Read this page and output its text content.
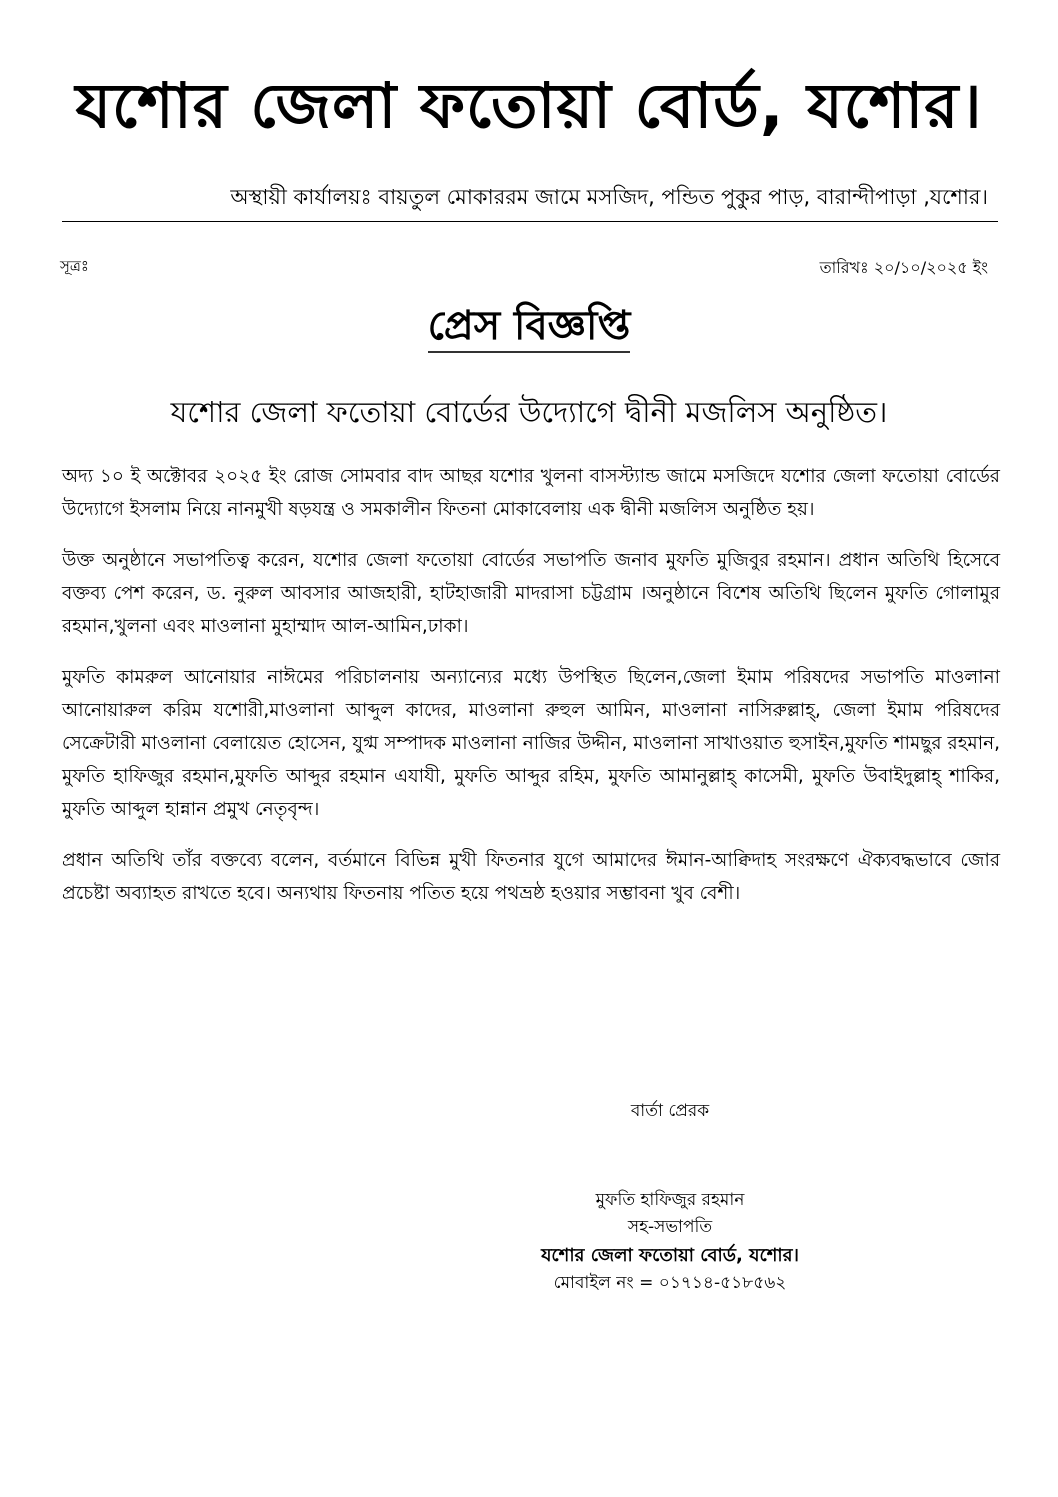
যশোর জেলা ফতোয়া বোর্ড, যশোর।
অস্থায়ী কার্যালয়ঃ বায়তুল মোকাররম জামে মসজিদ, পন্ডিত পুকুর পাড়, বারান্দীপাড়া ,যশোর।
সূত্রঃ	তারিখঃ ২০/১০/২০২৫ ইং
প্রেস বিজ্ঞপ্তি
যশোর জেলা ফতোয়া বোর্ডের উদ্যোগে দ্বীনী মজলিস অনুষ্ঠিত।

অদ্য ১০ ই অক্টোবর ২০২৫ ইং রোজ সোমবার বাদ আছর যশোর খুলনা বাসস্ট্যান্ড জামে মসজিদে যশোর জেলা ফতোয়া বোর্ডের উদ্যোগে ইসলাম নিয়ে নানমুখী ষড়যন্ত্র ও সমকালীন ফিতনা মোকাবেলায় এক দ্বীনী মজলিস অনুষ্ঠিত হয়।

উক্ত অনুষ্ঠানে সভাপতিত্ব করেন, যশোর জেলা ফতোয়া বোর্ডের সভাপতি জনাব মুফতি মুজিবুর রহমান। প্রধান অতিথি হিসেবে বক্তব্য পেশ করেন, ড. নুরুল আবসার আজহারী, হাটহাজারী মাদরাসা চট্টগ্রাম ।অনুষ্ঠানে বিশেষ অতিথি ছিলেন মুফতি গোলামুর রহমান,খুলনা এবং মাওলানা মুহাম্মাদ আল-আমিন,ঢাকা।

মুফতি কামরুল আনোয়ার নাঈমের পরিচালনায় অন্যান্যের মধ্যে উপস্থিত ছিলেন,জেলা ইমাম পরিষদের সভাপতি মাওলানা আনোয়ারুল করিম যশোরী,মাওলানা আব্দুল কাদের, মাওলানা রুহুল আমিন, মাওলানা নাসিরুল্লাহ্, জেলা ইমাম পরিষদের সেক্রেটারী মাওলানা বেলায়েত হোসেন, যুগ্ম সম্পাদক মাওলানা নাজির উদ্দীন, মাওলানা সাখাওয়াত হুসাইন,মুফতি শামছুর রহমান, মুফতি হাফিজুর রহমান,মুফতি আব্দুর রহমান এযাযী, মুফতি আব্দুর রহিম, মুফতি আমানুল্লাহ্ কাসেমী, মুফতি উবাইদুল্লাহ্ শাকির, মুফতি আব্দুল হান্নান প্রমুখ নেতৃবৃন্দ।

প্রধান অতিথি তাঁর বক্তব্যে বলেন, বর্তমানে বিভিন্ন মুখী ফিতনার যুগে আমাদের ঈমান-আক্বিদাহ সংরক্ষণে ঐক্যবদ্ধভাবে জোর প্রচেষ্টা অব্যাহত রাখতে হবে। অন্যথায় ফিতনায় পতিত হয়ে পথভ্রষ্ঠ হওয়ার সম্ভাবনা খুব বেশী।

বার্তা প্রেরক
মুফতি হাফিজুর রহমান
সহ-সভাপতি
যশোর জেলা ফতোয়া বোর্ড, যশোর।
মোবাইল নং = ০১৭১৪-৫১৮৫৬২
